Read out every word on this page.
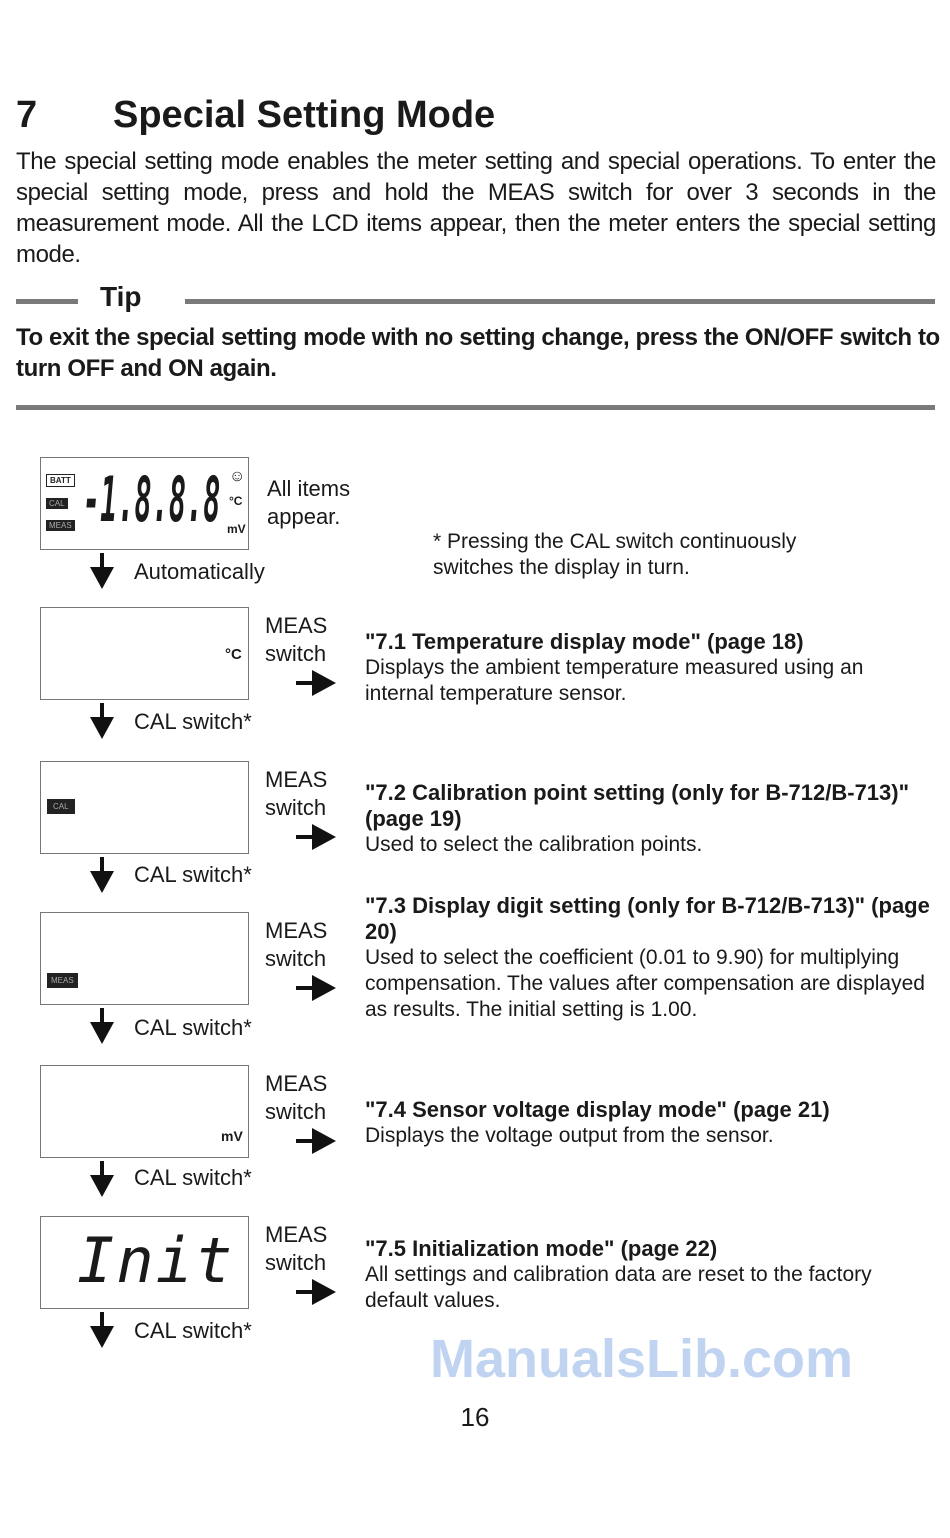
7 Special Setting Mode
The special setting mode enables the meter setting and special operations. To enter the special setting mode, press and hold the MEAS switch for over 3 seconds in the measurement mode. All the LCD items appear, then the meter enters the special setting mode.
Tip
To exit the special setting mode with no setting change, press the ON/OFF switch to turn OFF and ON again.
BATT
CAL
MEAS -1.8.8.8 ☺
°C
mV
All items appear.
* Pressing the CAL switch continuously switches the display in turn.
°C
CAL
MEAS
mV
Init
Automatically
CAL switch*
CAL switch*
CAL switch*
CAL switch*
CAL switch*
MEAS switch	"7.1 Temperature display mode" (page 18)
Displays the ambient temperature measured using an internal temperature sensor.
MEAS switch
"7.2 Calibration point setting (only for B-712/B-713)" (page 19)
Used to select the calibration points.
MEAS switch
"7.3 Display digit setting (only for B-712/B-713)" (page 20)
Used to select the coefficient (0.01 to 9.90) for multiplying compensation. The values after compensation are displayed as results. The initial setting is 1.00.
MEAS switch	"7.4 Sensor voltage display mode" (page 21)
Displays the voltage output from the sensor.
MEAS switch
"7.5 Initialization mode" (page 22)
All settings and calibration data are reset to the factory default values.
ManualsLib.com
16
